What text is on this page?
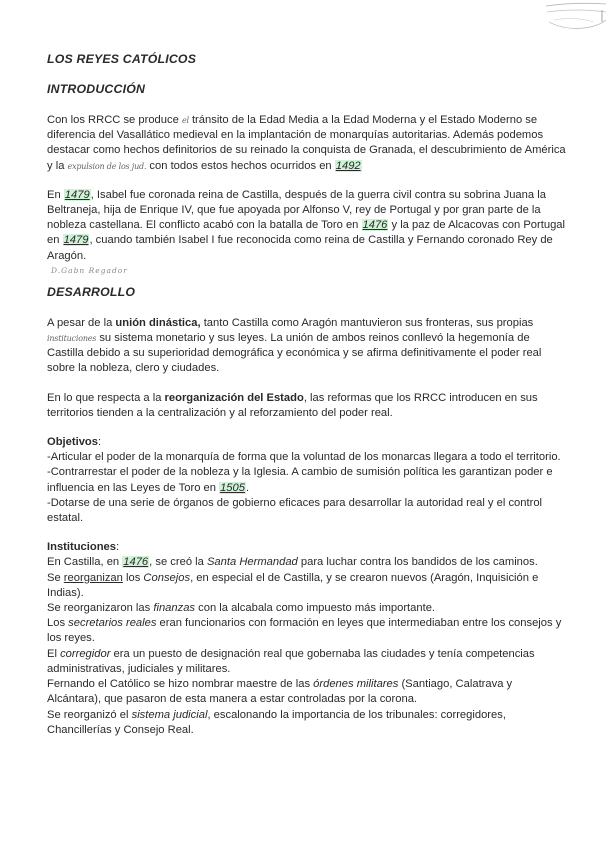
LOS REYES CATÓLICOS
INTRODUCCIÓN

Con los RRCC se produce el tránsito de la Edad Media a la Edad Moderna y el Estado Moderno se diferencia del Vasallático medieval en la implantación de monarquías autoritarias. Además podemos destacar como hechos definitorios de su reinado la conquista de Granada, el descubrimiento de América y la expulsion de los jud. con todos estos hechos ocurridos en 1492

En 1479, Isabel fue coronada reina de Castilla, después de la guerra civil contra su sobrina Juana la Beltraneja, hija de Enrique IV, que fue apoyada por Alfonso V, rey de Portugal y por gran parte de la nobleza castellana. El conflicto acabó con la batalla de Toro en 1476 y la paz de Alcacovas con Portugal en 1479, cuando también Isabel I fue reconocida como reina de Castilla y Fernando coronado Rey de Aragón.

D.Gabn Regador
DESARROLLO

A pesar de la unión dinástica, tanto Castilla como Aragón mantuvieron sus fronteras, sus propias instituciones su sistema monetario y sus leyes. La unión de ambos reinos conllevó la hegemonía de Castilla debido a su superioridad demográfica y económica y se afirma definitivamente el poder real sobre la nobleza, clero y ciudades.

En lo que respecta a la reorganización del Estado, las reformas que los RRCC introducen en sus territorios tienden a la centralización y al reforzamiento del poder real.

Objetivos:

-Articular el poder de la monarquía de forma que la voluntad de los monarcas llegara a todo el territorio.

-Contrarrestar el poder de la nobleza y la Iglesia. A cambio de sumisión política les garantizan poder e influencia en las Leyes de Toro en 1505.

-Dotarse de una serie de órganos de gobierno eficaces para desarrollar la autoridad real y el control estatal.

Instituciones:

En Castilla, en 1476, se creó la Santa Hermandad para luchar contra los bandidos de los caminos.

Se reorganizan los Consejos, en especial el de Castilla, y se crearon nuevos (Aragón, Inquisición e Indias).

Se reorganizaron las finanzas con la alcabala como impuesto más importante.

Los secretarios reales eran funcionarios con formación en leyes que intermediaban entre los consejos y los reyes.

El corregidor era un puesto de designación real que gobernaba las ciudades y tenía competencias administrativas, judiciales y militares.

Fernando el Católico se hizo nombrar maestre de las órdenes militares (Santiago, Calatrava y Alcántara), que pasaron de esta manera a estar controladas por la corona.

Se reorganizó el sistema judicial, escalonando la importancia de los tribunales: corregidores, Chancillerías y Consejo Real.
